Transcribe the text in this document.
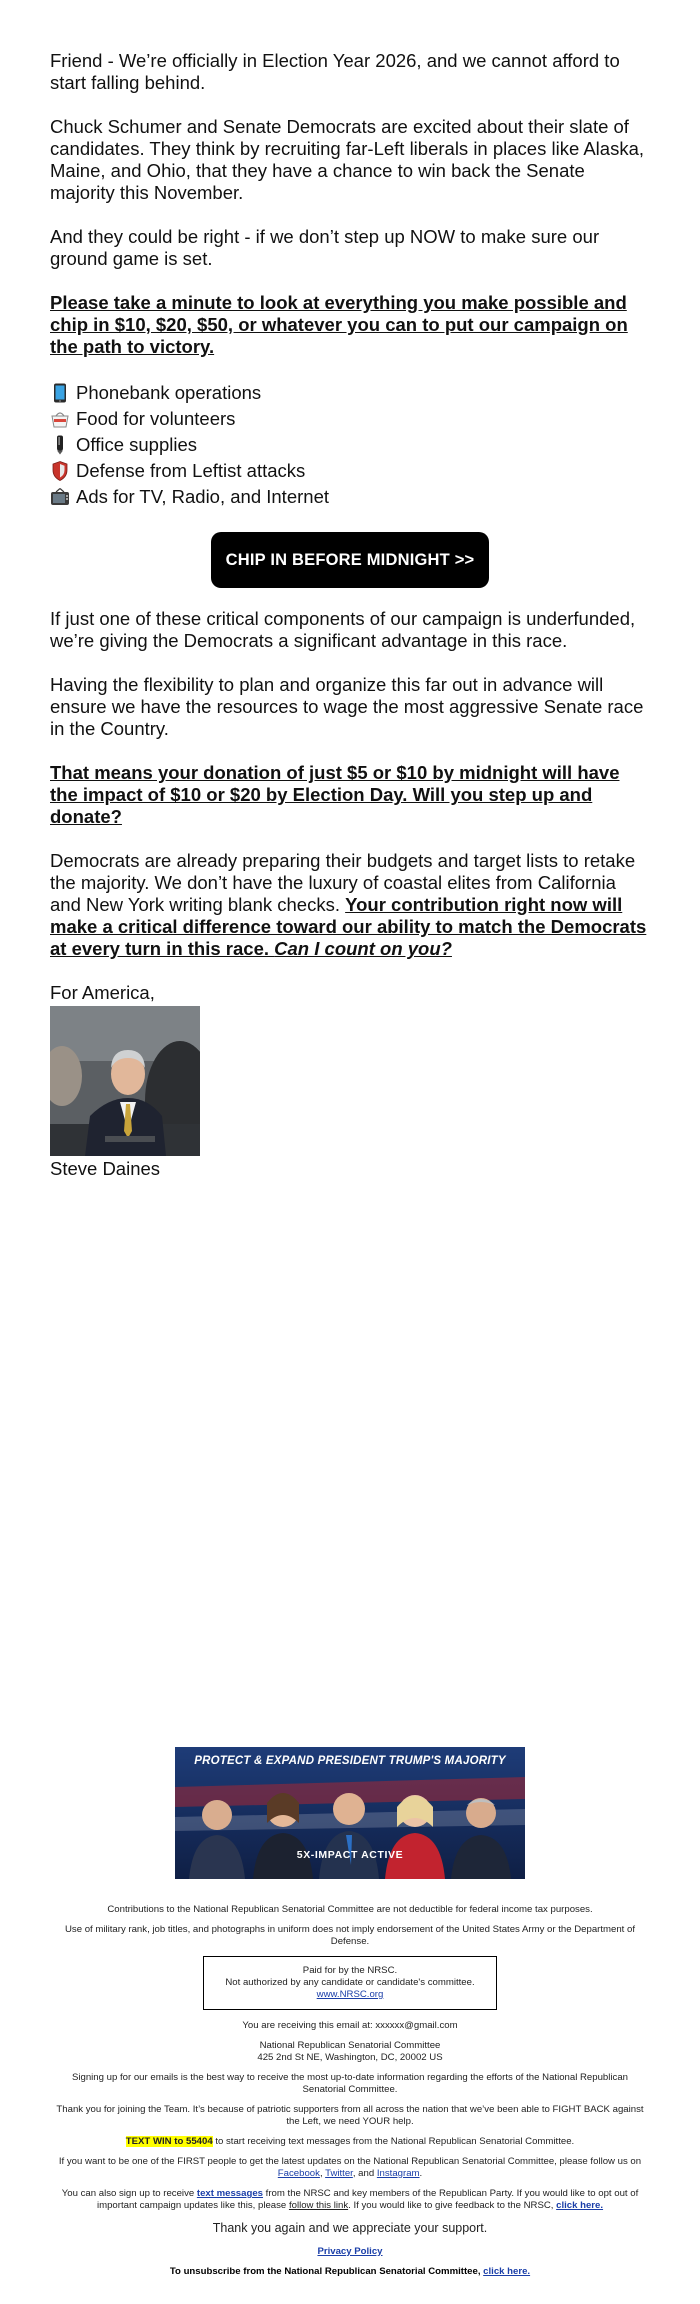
Friend - We’re officially in Election Year 2026, and we cannot afford to start falling behind.

Chuck Schumer and Senate Democrats are excited about their slate of candidates. They think by recruiting far-Left liberals in places like Alaska, Maine, and Ohio, that they have a chance to win back the Senate majority this November.

And they could be right - if we don’t step up NOW to make sure our ground game is set.

Please take a minute to look at everything you make possible and chip in $10, $20, $50, or whatever you can to put our campaign on the path to victory.

Phonebank operations
Food for volunteers
Office supplies
Defense from Leftist attacks
Ads for TV, Radio, and Internet
CHIP IN BEFORE MIDNIGHT >>

If just one of these critical components of our campaign is underfunded, we’re giving the Democrats a significant advantage in this race.

Having the flexibility to plan and organize this far out in advance will ensure we have the resources to wage the most aggressive Senate race in the Country.

That means your donation of just $5 or $10 by midnight will have the impact of $10 or $20 by Election Day. Will you step up and donate?

Democrats are already preparing their budgets and target lists to retake the majority. We don’t have the luxury of coastal elites from California and New York writing blank checks. Your contribution right now will make a critical difference toward our ability to match the Democrats at every turn in this race. Can I count on you?

For America,
Steve Daines
PROTECT & EXPAND PRESIDENT TRUMP'S MAJORITY
5X-IMPACT ACTIVE

Contributions to the National Republican Senatorial Committee are not deductible for federal income tax purposes.

Use of military rank, job titles, and photographs in uniform does not imply endorsement of the United States Army or the Department of Defense.

Paid for by the NRSC.
Not authorized by any candidate or candidate's committee.
www.NRSC.org

You are receiving this email at: xxxxxx@gmail.com

National Republican Senatorial Committee
425 2nd St NE, Washington, DC, 20002 US

Signing up for our emails is the best way to receive the most up-to-date information regarding the efforts of the National Republican Senatorial Committee.

Thank you for joining the Team. It’s because of patriotic supporters from all across the nation that we’ve been able to FIGHT BACK against the Left, we need YOUR help.

TEXT WIN to 55404 to start receiving text messages from the National Republican Senatorial Committee.

If you want to be one of the FIRST people to get the latest updates on the National Republican Senatorial Committee, please follow us on Facebook, Twitter, and Instagram.

You can also sign up to receive text messages from the NRSC and key members of the Republican Party. If you would like to opt out of important campaign updates like this, please follow this link. If you would like to give feedback to the NRSC, click here.

Thank you again and we appreciate your support.

Privacy Policy

To unsubscribe from the National Republican Senatorial Committee, click here.
